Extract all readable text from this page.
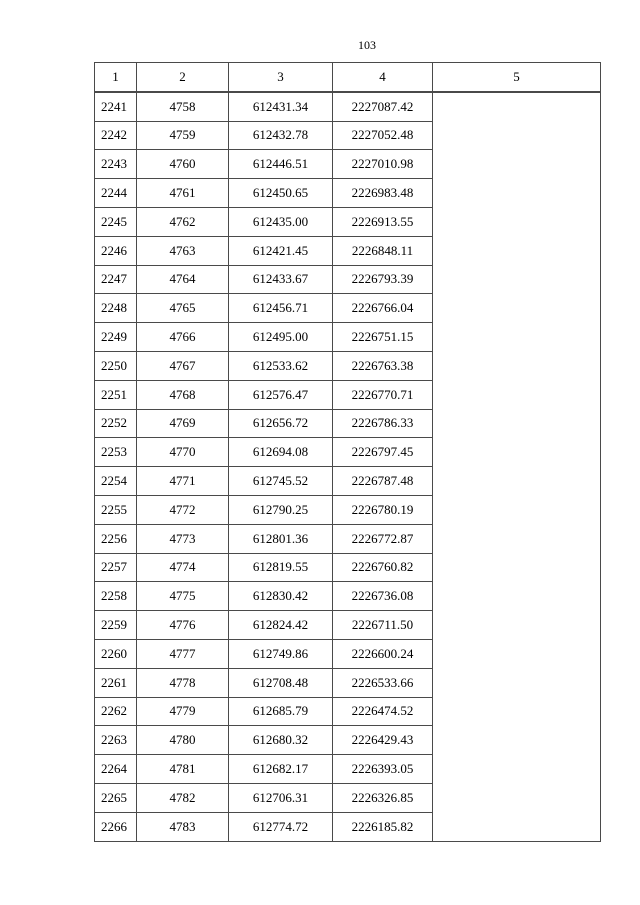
103
1	2	3	4	5
2241	4758	612431.34	2227087.42	
2242	4759	612432.78	2227052.48	
2243	4760	612446.51	2227010.98	
2244	4761	612450.65	2226983.48	
2245	4762	612435.00	2226913.55	
2246	4763	612421.45	2226848.11	
2247	4764	612433.67	2226793.39	
2248	4765	612456.71	2226766.04	
2249	4766	612495.00	2226751.15	
2250	4767	612533.62	2226763.38	
2251	4768	612576.47	2226770.71	
2252	4769	612656.72	2226786.33	
2253	4770	612694.08	2226797.45	
2254	4771	612745.52	2226787.48	
2255	4772	612790.25	2226780.19	
2256	4773	612801.36	2226772.87	
2257	4774	612819.55	2226760.82	
2258	4775	612830.42	2226736.08	
2259	4776	612824.42	2226711.50	
2260	4777	612749.86	2226600.24	
2261	4778	612708.48	2226533.66	
2262	4779	612685.79	2226474.52	
2263	4780	612680.32	2226429.43	
2264	4781	612682.17	2226393.05	
2265	4782	612706.31	2226326.85	
2266	4783	612774.72	2226185.82	
